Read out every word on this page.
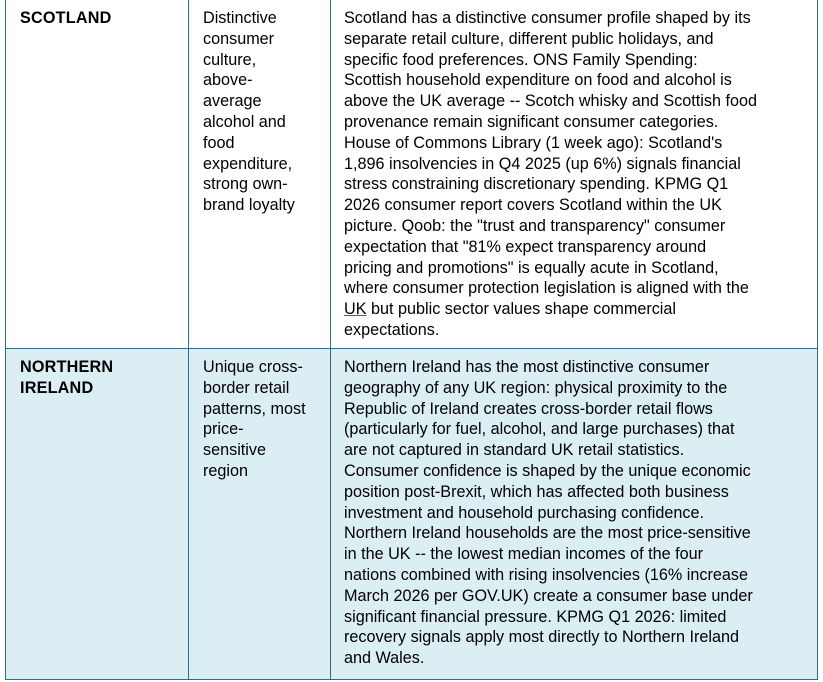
SCOTLAND	Distinctive
consumer
culture,
above-
average
alcohol and
food
expenditure,
strong own-
brand loyalty
Scotland has a distinctive consumer profile shaped by its
separate retail culture, different public holidays, and
specific food preferences. ONS Family Spending:
Scottish household expenditure on food and alcohol is
above the UK average -- Scotch whisky and Scottish food
provenance remain significant consumer categories.
House of Commons Library (1 week ago): Scotland's
1,896 insolvencies in Q4 2025 (up 6%) signals financial
stress constraining discretionary spending. KPMG Q1
2026 consumer report covers Scotland within the UK
picture. Qoob: the "trust and transparency" consumer
expectation that "81% expect transparency around
pricing and promotions" is equally acute in Scotland,
where consumer protection legislation is aligned with the
UK but public sector values shape commercial
expectations.
NORTHERN
IRELAND
Unique cross-
border retail
patterns, most
price-
sensitive
region
Northern Ireland has the most distinctive consumer
geography of any UK region: physical proximity to the
Republic of Ireland creates cross-border retail flows
(particularly for fuel, alcohol, and large purchases) that
are not captured in standard UK retail statistics.
Consumer confidence is shaped by the unique economic
position post-Brexit, which has affected both business
investment and household purchasing confidence.
Northern Ireland households are the most price-sensitive
in the UK -- the lowest median incomes of the four
nations combined with rising insolvencies (16% increase
March 2026 per GOV.UK) create a consumer base under
significant financial pressure. KPMG Q1 2026: limited
recovery signals apply most directly to Northern Ireland
and Wales.
